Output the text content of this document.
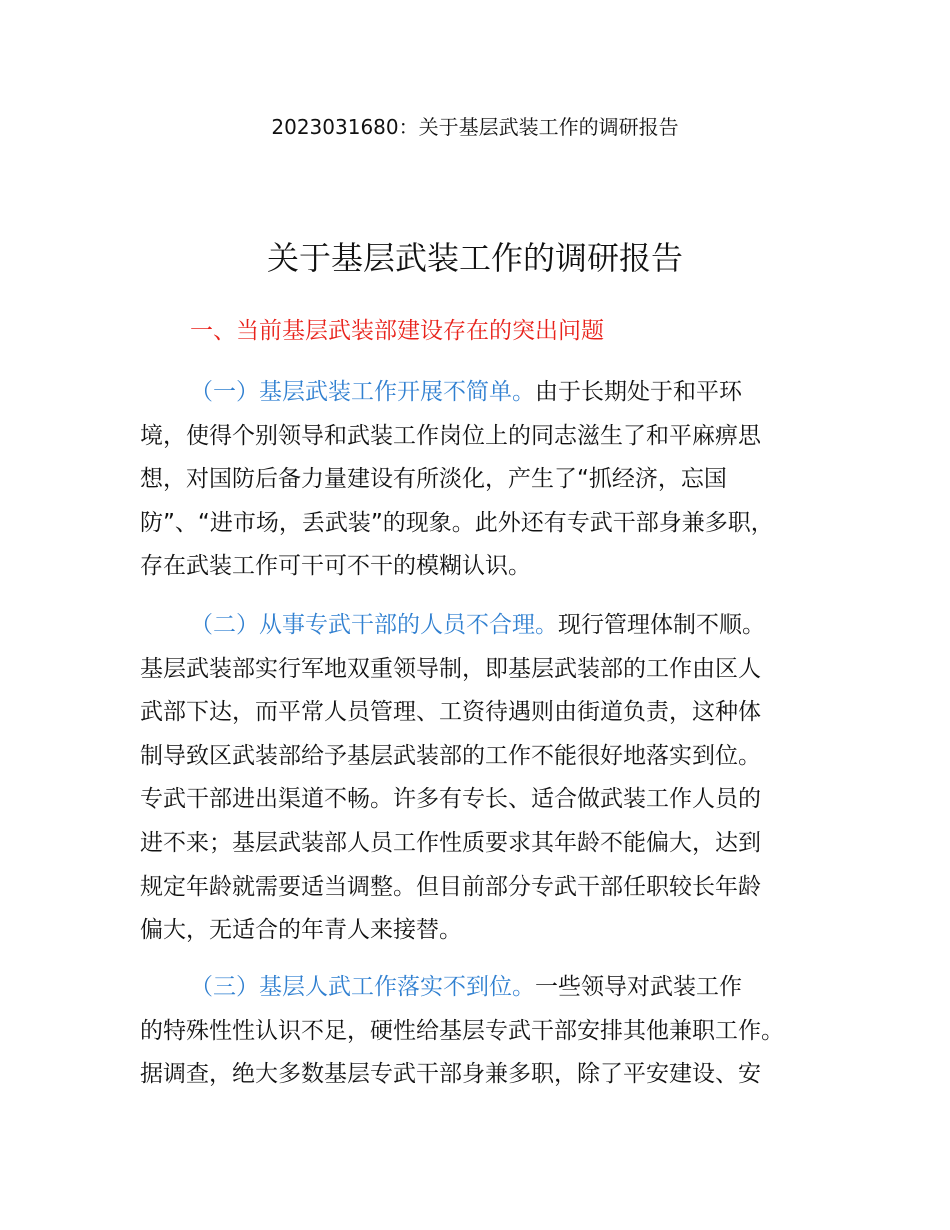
2023031680：关于基层武装工作的调研报告
关于基层武装工作的调研报告
一、当前基层武装部建设存在的突出问题
（一）基层武装工作开展不简单。由于长期处于和平环
境，使得个别领导和武装工作岗位上的同志滋生了和平麻痹思
想，对国防后备力量建设有所淡化，产生了“抓经济，忘国
防”、“进市场，丢武装”的现象。此外还有专武干部身兼多职，
存在武装工作可干可不干的模糊认识。
（二）从事专武干部的人员不合理。现行管理体制不顺。
基层武装部实行军地双重领导制，即基层武装部的工作由区人
武部下达，而平常人员管理、工资待遇则由街道负责，这种体
制导致区武装部给予基层武装部的工作不能很好地落实到位。
专武干部进出渠道不畅。许多有专长、适合做武装工作人员的
进不来；基层武装部人员工作性质要求其年龄不能偏大，达到
规定年龄就需要适当调整。但目前部分专武干部任职较长年龄
偏大，无适合的年青人来接替。
（三）基层人武工作落实不到位。一些领导对武装工作
的特殊性性认识不足，硬性给基层专武干部安排其他兼职工作。
据调查，绝大多数基层专武干部身兼多职，除了平安建设、安
